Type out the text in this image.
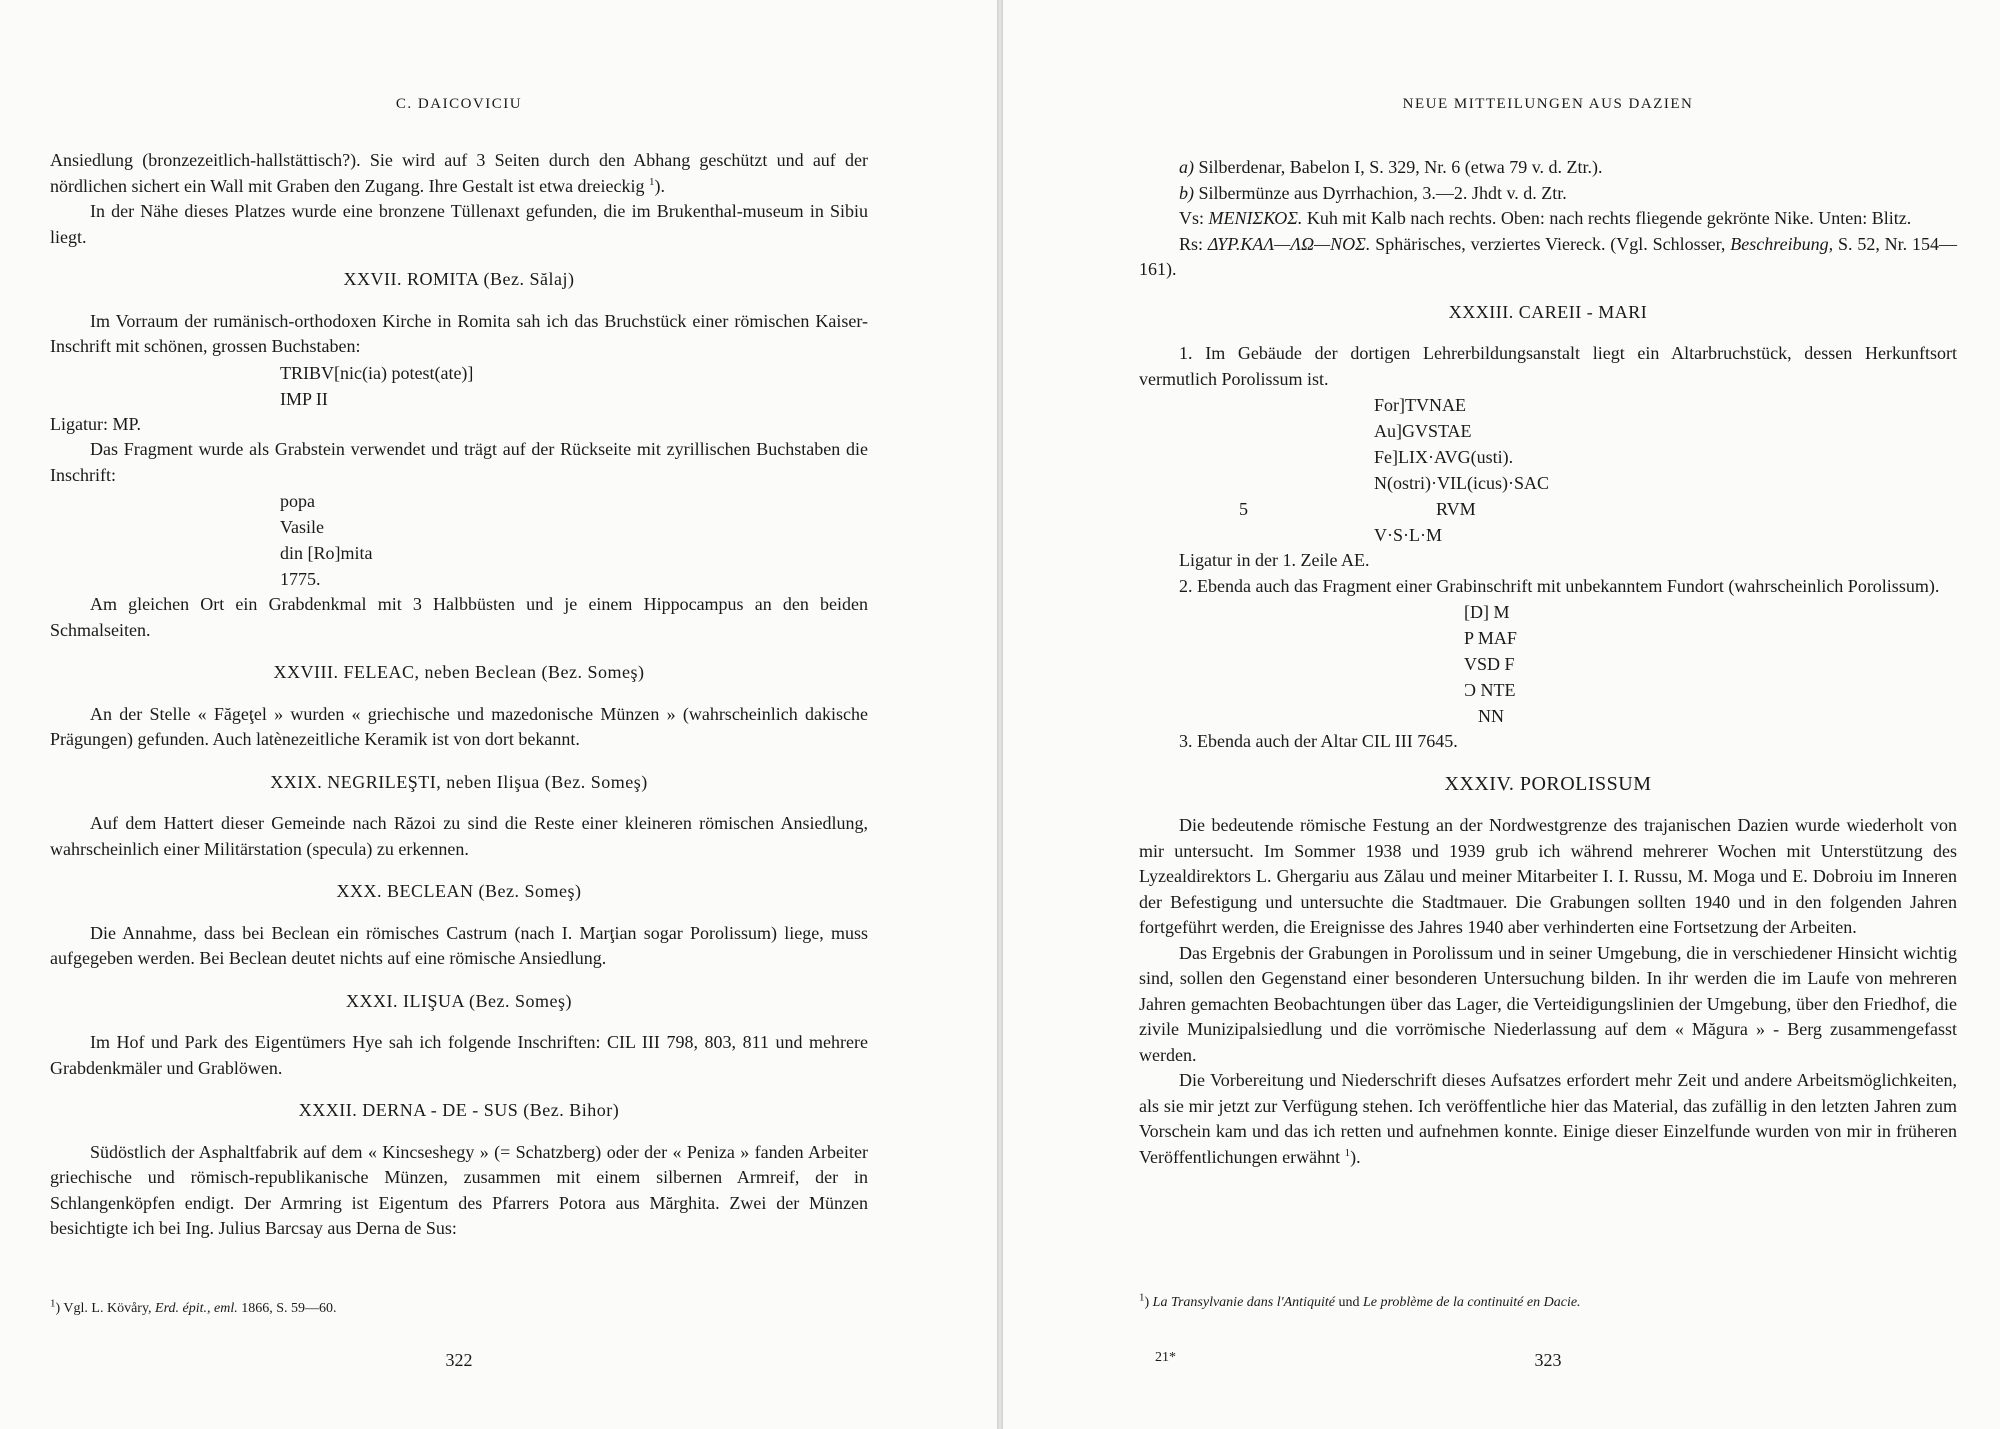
C. DAICOVICIU

Ansiedlung (bronzezeitlich-hallstättisch?). Sie wird auf 3 Seiten durch den Abhang geschützt und auf der nördlichen sichert ein Wall mit Graben den Zugang. Ihre Gestalt ist etwa dreieckig $^1$).

In der Nähe dieses Platzes wurde eine bronzene Tüllenaxt gefunden, die im Brukenthal-museum in Sibiu liegt.

XXVII. ROMITA (Bez. Sălaj)

Im Vorraum der rumänisch-orthodoxen Kirche in Romita sah ich das Bruchstück einer römischen Kaiser-Inschrift mit schönen, grossen Buchstaben:

TRIBV[nic(ia) potest(ate)]
IMP II

Ligatur: MP.

Das Fragment wurde als Grabstein verwendet und trägt auf der Rückseite mit zyrillischen Buchstaben die Inschrift:

popa
Vasile
din [Ro]mita
1775.

Am gleichen Ort ein Grabdenkmal mit 3 Halbbüsten und je einem Hippocampus an den beiden Schmalseiten.

XXVIII. FELEAC, neben Beclean (Bez. Someş)

An der Stelle « Făgeţel » wurden « griechische und mazedonische Münzen » (wahrscheinlich dakische Prägungen) gefunden. Auch latènezeitliche Keramik ist von dort bekannt.

XXIX. NEGRILEŞTI, neben Ilişua (Bez. Someş)

Auf dem Hattert dieser Gemeinde nach Răzoi zu sind die Reste einer kleineren römischen Ansiedlung, wahrscheinlich einer Militärstation (specula) zu erkennen.

XXX. BECLEAN (Bez. Someş)

Die Annahme, dass bei Beclean ein römisches Castrum (nach I. Marţian sogar Porolissum) liege, muss aufgegeben werden. Bei Beclean deutet nichts auf eine römische Ansiedlung.

XXXI. ILIŞUA (Bez. Someş)

Im Hof und Park des Eigentümers Hye sah ich folgende Inschriften: CIL III 798, 803, 811 und mehrere Grabdenkmäler und Grablöwen.

XXXII. DERNA - DE - SUS (Bez. Bihor)

Südöstlich der Asphaltfabrik auf dem « Kincseshegy » (= Schatzberg) oder der « Peniza » fanden Arbeiter griechische und römisch-republikanische Münzen, zusammen mit einem silbernen Armreif, der in Schlangenköpfen endigt. Der Armring ist Eigentum des Pfarrers Potora aus Mărghita. Zwei der Münzen besichtigte ich bei Ing. Julius Barcsay aus Derna de Sus:

$^1$) Vgl. L. Kövåry, Erd. épit., eml. 1866, S. 59—60.
322
NEUE MITTEILUNGEN AUS DAZIEN

a) Silberdenar, Babelon I, S. 329, Nr. 6 (etwa 79 v. d. Ztr.).

b) Silbermünze aus Dyrrhachion, 3.—2. Jhdt v. d. Ztr.

Vs: ΜΕΝΙΣΚΟΣ. Kuh mit Kalb nach rechts. Oben: nach rechts fliegende gekrönte Nike. Unten: Blitz.

Rs: ΔΥΡ.ΚΑΛ—ΛΩ—ΝΟΣ. Sphärisches, verziertes Viereck. (Vgl. Schlosser, Beschreibung, S. 52, Nr. 154—161).

XXXIII. CAREII - MARI

1. Im Gebäude der dortigen Lehrerbildungsanstalt liegt ein Altarbruchstück, dessen Herkunftsort vermutlich Porolissum ist.

For]TVNAE
Au]GVSTAE
Fe]LIX·AVG(usti).
N(ostri)·VIL(icus)·SAC
5	RVM
V·S·L·M

Ligatur in der 1. Zeile AE.

2. Ebenda auch das Fragment einer Grabinschrift mit unbekanntem Fundort (wahrscheinlich Porolissum).

[D] M
P MAF
VSD F
Ɔ NTE
NN

3. Ebenda auch der Altar CIL III 7645.

XXXIV. POROLISSUM

Die bedeutende römische Festung an der Nordwestgrenze des trajanischen Dazien wurde wiederholt von mir untersucht. Im Sommer 1938 und 1939 grub ich während mehrerer Wochen mit Unterstützung des Lyzealdirektors L. Ghergariu aus Zălau und meiner Mitarbeiter I. I. Russu, M. Moga und E. Dobroiu im Inneren der Befestigung und untersuchte die Stadtmauer. Die Grabungen sollten 1940 und in den folgenden Jahren fortgeführt werden, die Ereignisse des Jahres 1940 aber verhinderten eine Fortsetzung der Arbeiten.

Das Ergebnis der Grabungen in Porolissum und in seiner Umgebung, die in verschiedener Hinsicht wichtig sind, sollen den Gegenstand einer besonderen Untersuchung bilden. In ihr werden die im Laufe von mehreren Jahren gemachten Beobachtungen über das Lager, die Verteidigungslinien der Umgebung, über den Friedhof, die zivile Munizipalsiedlung und die vorrömische Niederlassung auf dem « Măgura » - Berg zusammengefasst werden.

Die Vorbereitung und Niederschrift dieses Aufsatzes erfordert mehr Zeit und andere Arbeitsmöglichkeiten, als sie mir jetzt zur Verfügung stehen. Ich veröffentliche hier das Material, das zufällig in den letzten Jahren zum Vorschein kam und das ich retten und aufnehmen konnte. Einige dieser Einzelfunde wurden von mir in früheren Veröffentlichungen erwähnt $^1$).

$^1$) La Transylvanie dans l'Antiquité und Le problème de la continuité en Dacie.
21*	323
